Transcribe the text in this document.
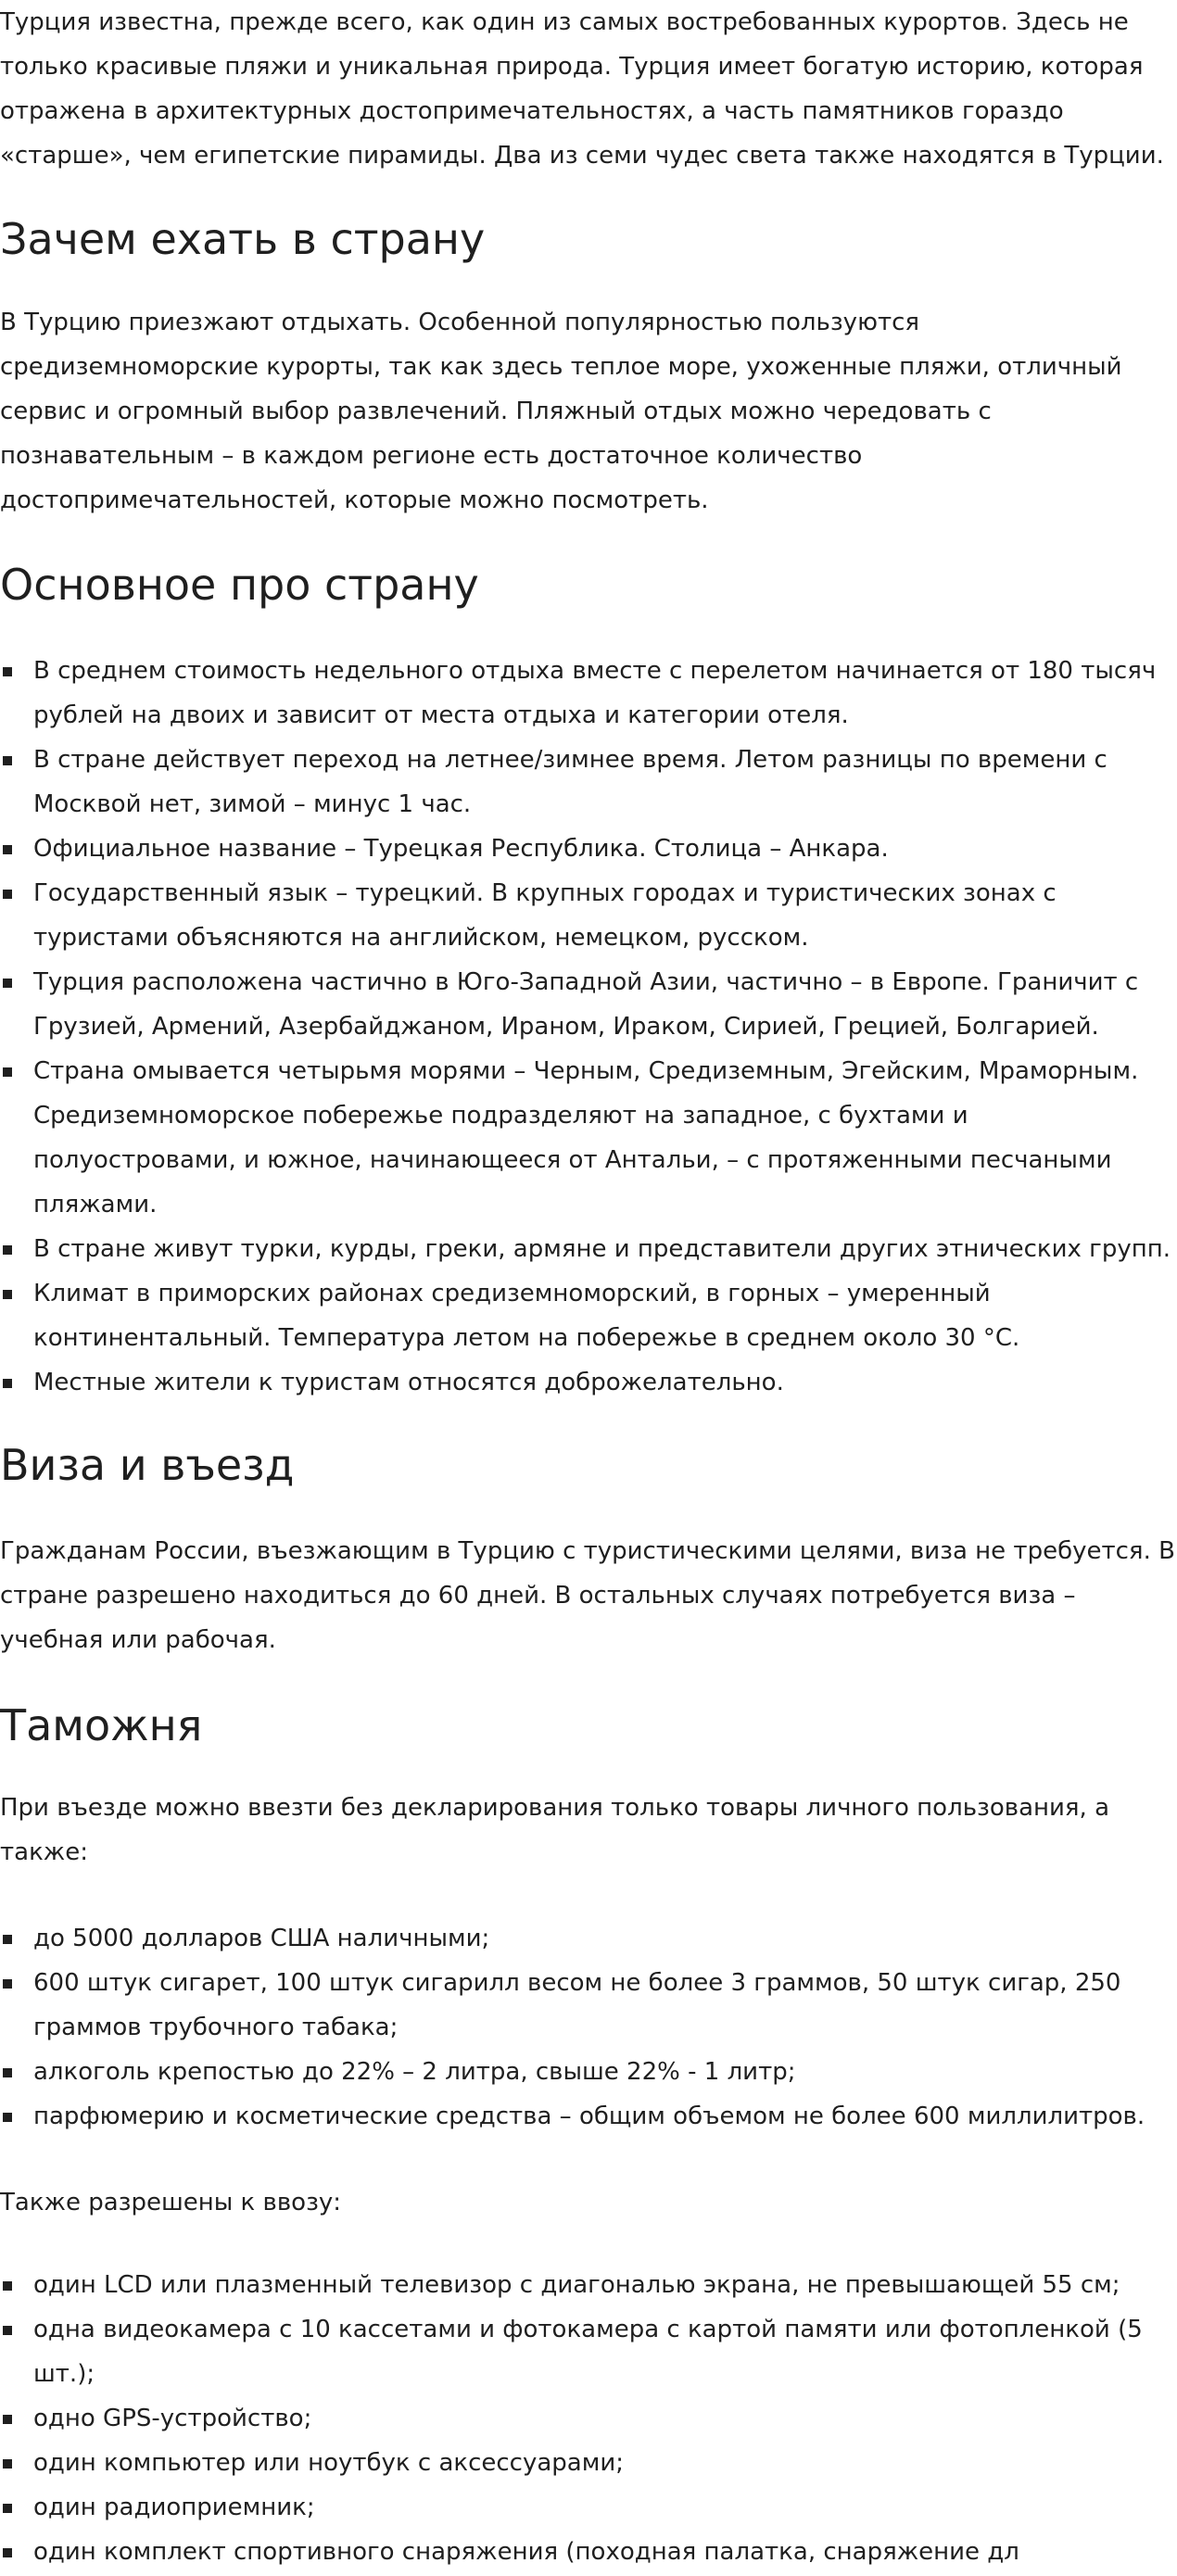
Турция известна, прежде всего, как один из самых востребованных курортов. Здесь не только красивые пляжи и уникальная природа. Турция имеет богатую историю, которая отражена в архитектурных достопримечательностях, а часть памятников гораздо «старше», чем египетские пирамиды. Два из семи чудес света также находятся в Турции.

Зачем ехать в страну

В Турцию приезжают отдыхать. Особенной популярностью пользуются средиземноморские курорты, так как здесь теплое море, ухоженные пляжи, отличный сервис и огромный выбор развлечений. Пляжный отдых можно чередовать с познавательным – в каждом регионе есть достаточное количество достопримечательностей, которые можно посмотреть.

Основное про страну
В среднем стоимость недельного отдыха вместе с перелетом начинается от 180 тысяч рублей на двоих и зависит от места отдыха и категории отеля.
В стране действует переход на летнее/зимнее время. Летом разницы по времени с Москвой нет, зимой – минус 1 час.
Официальное название – Турецкая Республика. Столица – Анкара.
Государственный язык – турецкий. В крупных городах и туристических зонах с туристами объясняются на английском, немецком, русском.
Турция расположена частично в Юго-Западной Азии, частично – в Европе. Граничит с Грузией, Армений, Азербайджаном, Ираном, Ираком, Сирией, Грецией, Болгарией.
Страна омывается четырьмя морями – Черным, Средиземным, Эгейским, Мраморным. Средиземноморское побережье подразделяют на западное, с бухтами и полуостровами, и южное, начинающееся от Антальи, – с протяженными песчаными пляжами.
В стране живут турки, курды, греки, армяне и представители других этнических групп.
Климат в приморских районах средиземноморский, в горных – умеренный континентальный. Температура летом на побережье в среднем около 30 °С.
Местные жители к туристам относятся доброжелательно.
Виза и въезд

Гражданам России, въезжающим в Турцию с туристическими целями, виза не требуется. В стране разрешено находиться до 60 дней. В остальных случаях потребуется виза – учебная или рабочая.

Таможня

При въезде можно ввезти без декларирования только товары личного пользования, а также:

до 5000 долларов США наличными;
600 штук сигарет, 100 штук сигарилл весом не более 3 граммов, 50 штук сигар, 250 граммов трубочного табака;
алкоголь крепостью до 22% – 2 литра, свыше 22% - 1 литр;
парфюмерию и косметические средства – общим объемом не более 600 миллилитров.

Также разрешены к ввозу:

один LCD или плазменный телевизор с диагональю экрана, не превышающей 55 см;
одна видеокамера с 10 кассетами и фотокамера с картой памяти или фотопленкой (5 шт.);
одно GPS-устройство;
один компьютер или ноутбук с аксессуарами;
один радиоприемник;
один комплект спортивного снаряжения (походная палатка, снаряжение дл
